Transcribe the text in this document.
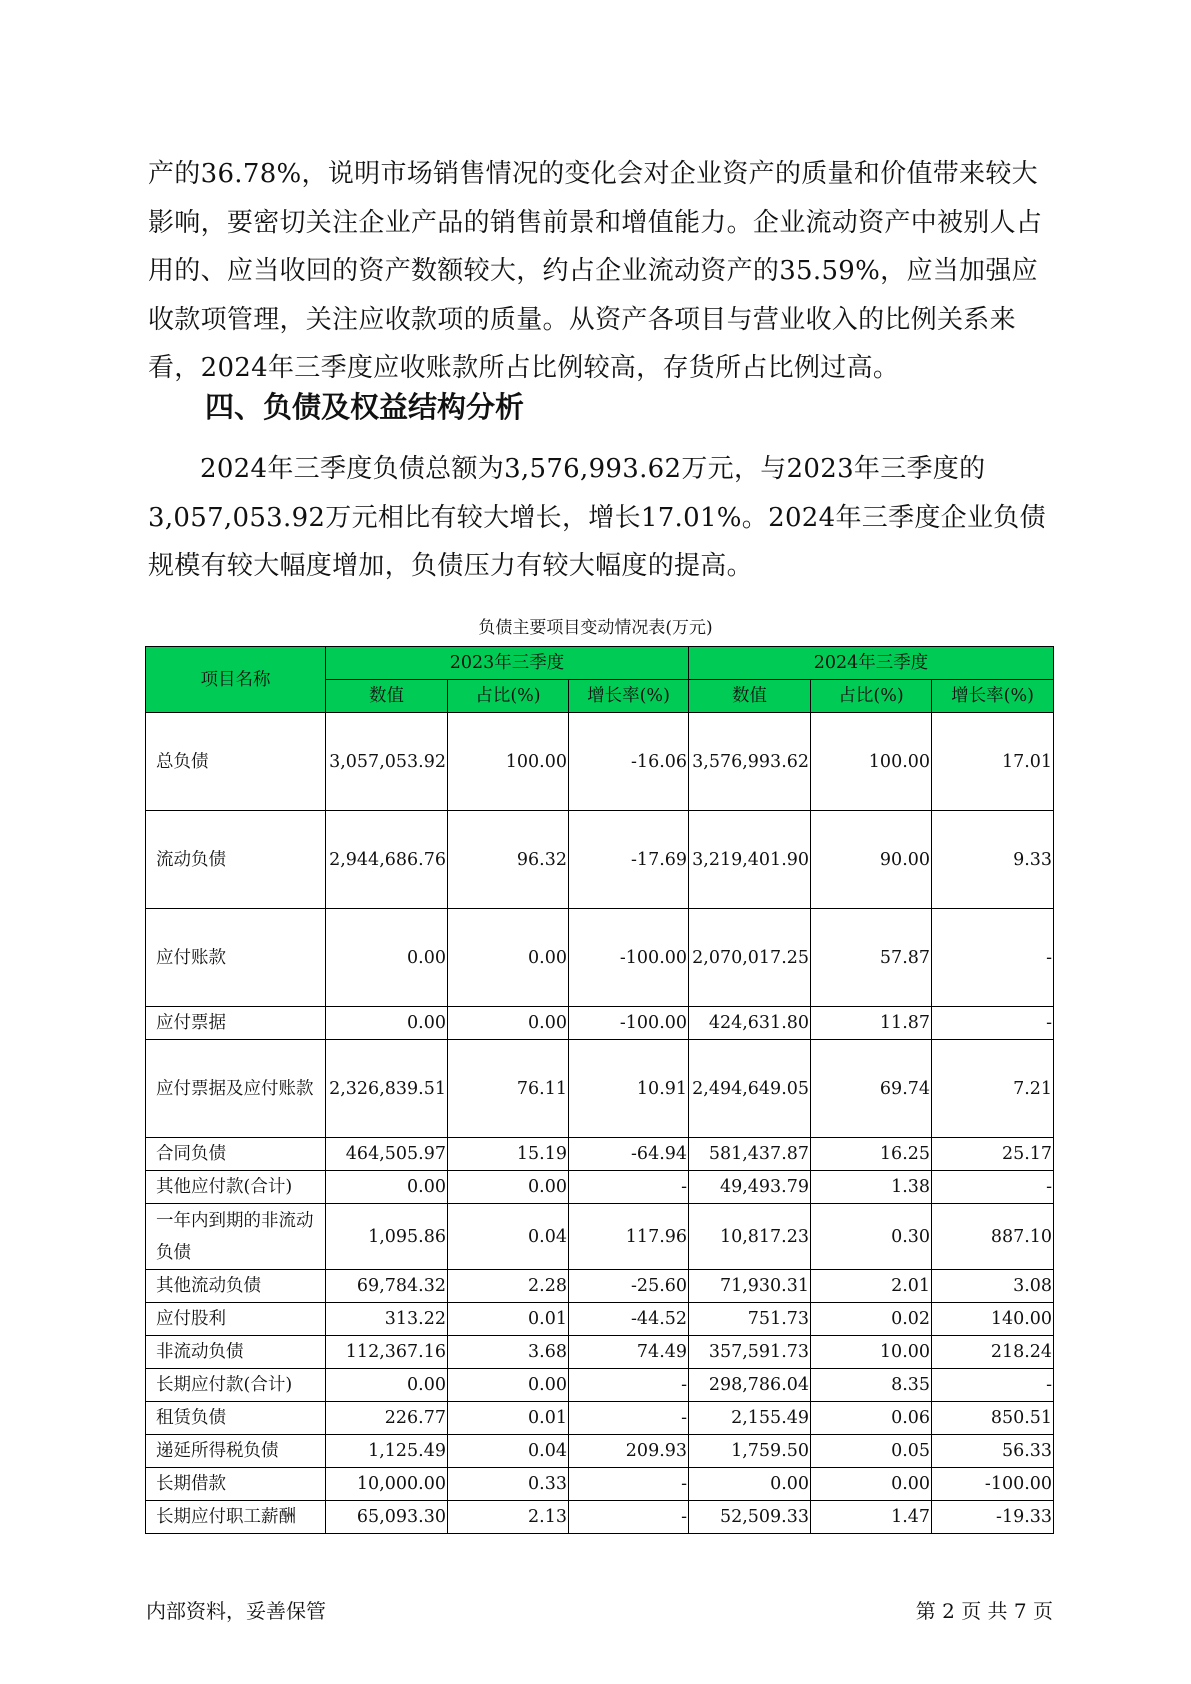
产的36.78%，说明市场销售情况的变化会对企业资产的质量和价值带来较大影响，要密切关注企业产品的销售前景和增值能力。企业流动资产中被别人占用的、应当收回的资产数额较大，约占企业流动资产的35.59%，应当加强应收款项管理，关注应收款项的质量。从资产各项目与营业收入的比例关系来看，2024年三季度应收账款所占比例较高，存货所占比例过高。

四、负债及权益结构分析

2024年三季度负债总额为3,576,993.62万元，与2023年三季度的3,057,053.92万元相比有较大增长，增长17.01%。2024年三季度企业负债规模有较大幅度增加，负债压力有较大幅度的提高。

负债主要项目变动情况表(万元)
项目名称	2023年三季度			2024年三季度		
	数值	占比(%)	增长率(%)	数值	占比(%)	增长率(%)
总负债	3,057,053.92	100.00	-16.06	3,576,993.62	100.00	17.01
流动负债	2,944,686.76	96.32	-17.69	3,219,401.90	90.00	9.33
应付账款	0.00	0.00	-100.00	2,070,017.25	57.87	-
应付票据	0.00	0.00	-100.00	424,631.80	11.87	-
应付票据及应付账款	2,326,839.51	76.11	10.91	2,494,649.05	69.74	7.21
合同负债	464,505.97	15.19	-64.94	581,437.87	16.25	25.17
其他应付款(合计)	0.00	0.00	-	49,493.79	1.38	-
一年内到期的非流动负债	1,095.86	0.04	117.96	10,817.23	0.30	887.10
其他流动负债	69,784.32	2.28	-25.60	71,930.31	2.01	3.08
应付股利	313.22	0.01	-44.52	751.73	0.02	140.00
非流动负债	112,367.16	3.68	74.49	357,591.73	10.00	218.24
长期应付款(合计)	0.00	0.00	-	298,786.04	8.35	-
租赁负债	226.77	0.01	-	2,155.49	0.06	850.51
递延所得税负债	1,125.49	0.04	209.93	1,759.50	0.05	56.33
长期借款	10,000.00	0.33	-	0.00	0.00	-100.00
长期应付职工薪酬	65,093.30	2.13	-	52,509.33	1.47	-19.33
内部资料，妥善保管	第 2 页 共 7 页
